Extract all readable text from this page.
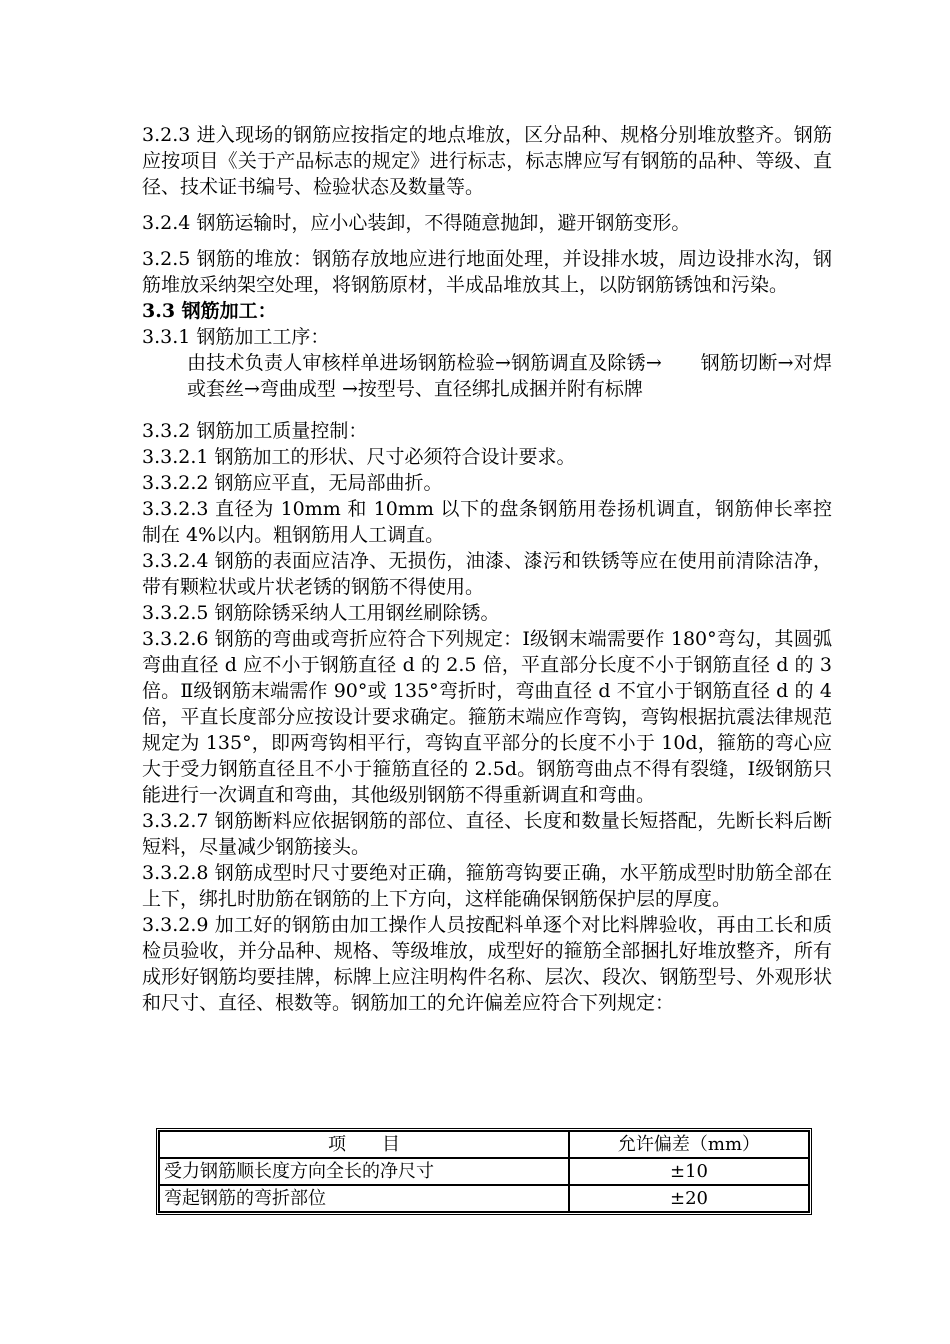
3.2.3 进入现场的钢筋应按指定的地点堆放，区分品种、规格分别堆放整齐。钢筋应按项目《关于产品标志的规定》进行标志，标志牌应写有钢筋的品种、等级、直径、技术证书编号、检验状态及数量等。

3.2.4 钢筋运输时，应小心装卸，不得随意抛卸，避开钢筋变形。

3.2.5 钢筋的堆放：钢筋存放地应进行地面处理，并设排水坡，周边设排水沟，钢筋堆放采纳架空处理，将钢筋原材，半成品堆放其上，以防钢筋锈蚀和污染。

3.3 钢筋加工：

3.3.1 钢筋加工工序：

由技术负责人审核样单进场钢筋检验→钢筋调直及除锈→　　钢筋切断→对焊或套丝→弯曲成型 →按型号、直径绑扎成捆并附有标牌

3.3.2 钢筋加工质量控制：

3.3.2.1 钢筋加工的形状、尺寸必须符合设计要求。

3.3.2.2 钢筋应平直，无局部曲折。

3.3.2.3 直径为 10mm 和 10mm 以下的盘条钢筋用卷扬机调直，钢筋伸长率控制在 4%以内。粗钢筋用人工调直。

3.3.2.4 钢筋的表面应洁净、无损伤，油漆、漆污和铁锈等应在使用前清除洁净，带有颗粒状或片状老锈的钢筋不得使用。

3.3.2.5 钢筋除锈采纳人工用钢丝刷除锈。

3.3.2.6 钢筋的弯曲或弯折应符合下列规定：Ⅰ级钢末端需要作 180°弯勾，其圆弧弯曲直径 d 应不小于钢筋直径 d 的 2.5 倍，平直部分长度不小于钢筋直径 d 的 3 倍。Ⅱ级钢筋末端需作 90°或 135°弯折时，弯曲直径 d 不宜小于钢筋直径 d 的 4 倍，平直长度部分应按设计要求确定。箍筋末端应作弯钩，弯钩根据抗震法律规范规定为 135°，即两弯钩相平行，弯钩直平部分的长度不小于 10d，箍筋的弯心应大于受力钢筋直径且不小于箍筋直径的 2.5d。钢筋弯曲点不得有裂缝，Ⅰ级钢筋只能进行一次调直和弯曲，其他级别钢筋不得重新调直和弯曲。

3.3.2.7 钢筋断料应依据钢筋的部位、直径、长度和数量长短搭配，先断长料后断短料，尽量减少钢筋接头。

3.3.2.8 钢筋成型时尺寸要绝对正确，箍筋弯钩要正确，水平筋成型时肋筋全部在上下，绑扎时肋筋在钢筋的上下方向，这样能确保钢筋保护层的厚度。

3.3.2.9 加工好的钢筋由加工操作人员按配料单逐个对比料牌验收，再由工长和质检员验收，并分品种、规格、等级堆放，成型好的箍筋全部捆扎好堆放整齐，所有成形好钢筋均要挂牌，标牌上应注明构件名称、层次、段次、钢筋型号、外观形状和尺寸、直径、根数等。钢筋加工的允许偏差应符合下列规定：

项　　目	允许偏差（mm）
受力钢筋顺长度方向全长的净尺寸	±10
弯起钢筋的弯折部位	±20
